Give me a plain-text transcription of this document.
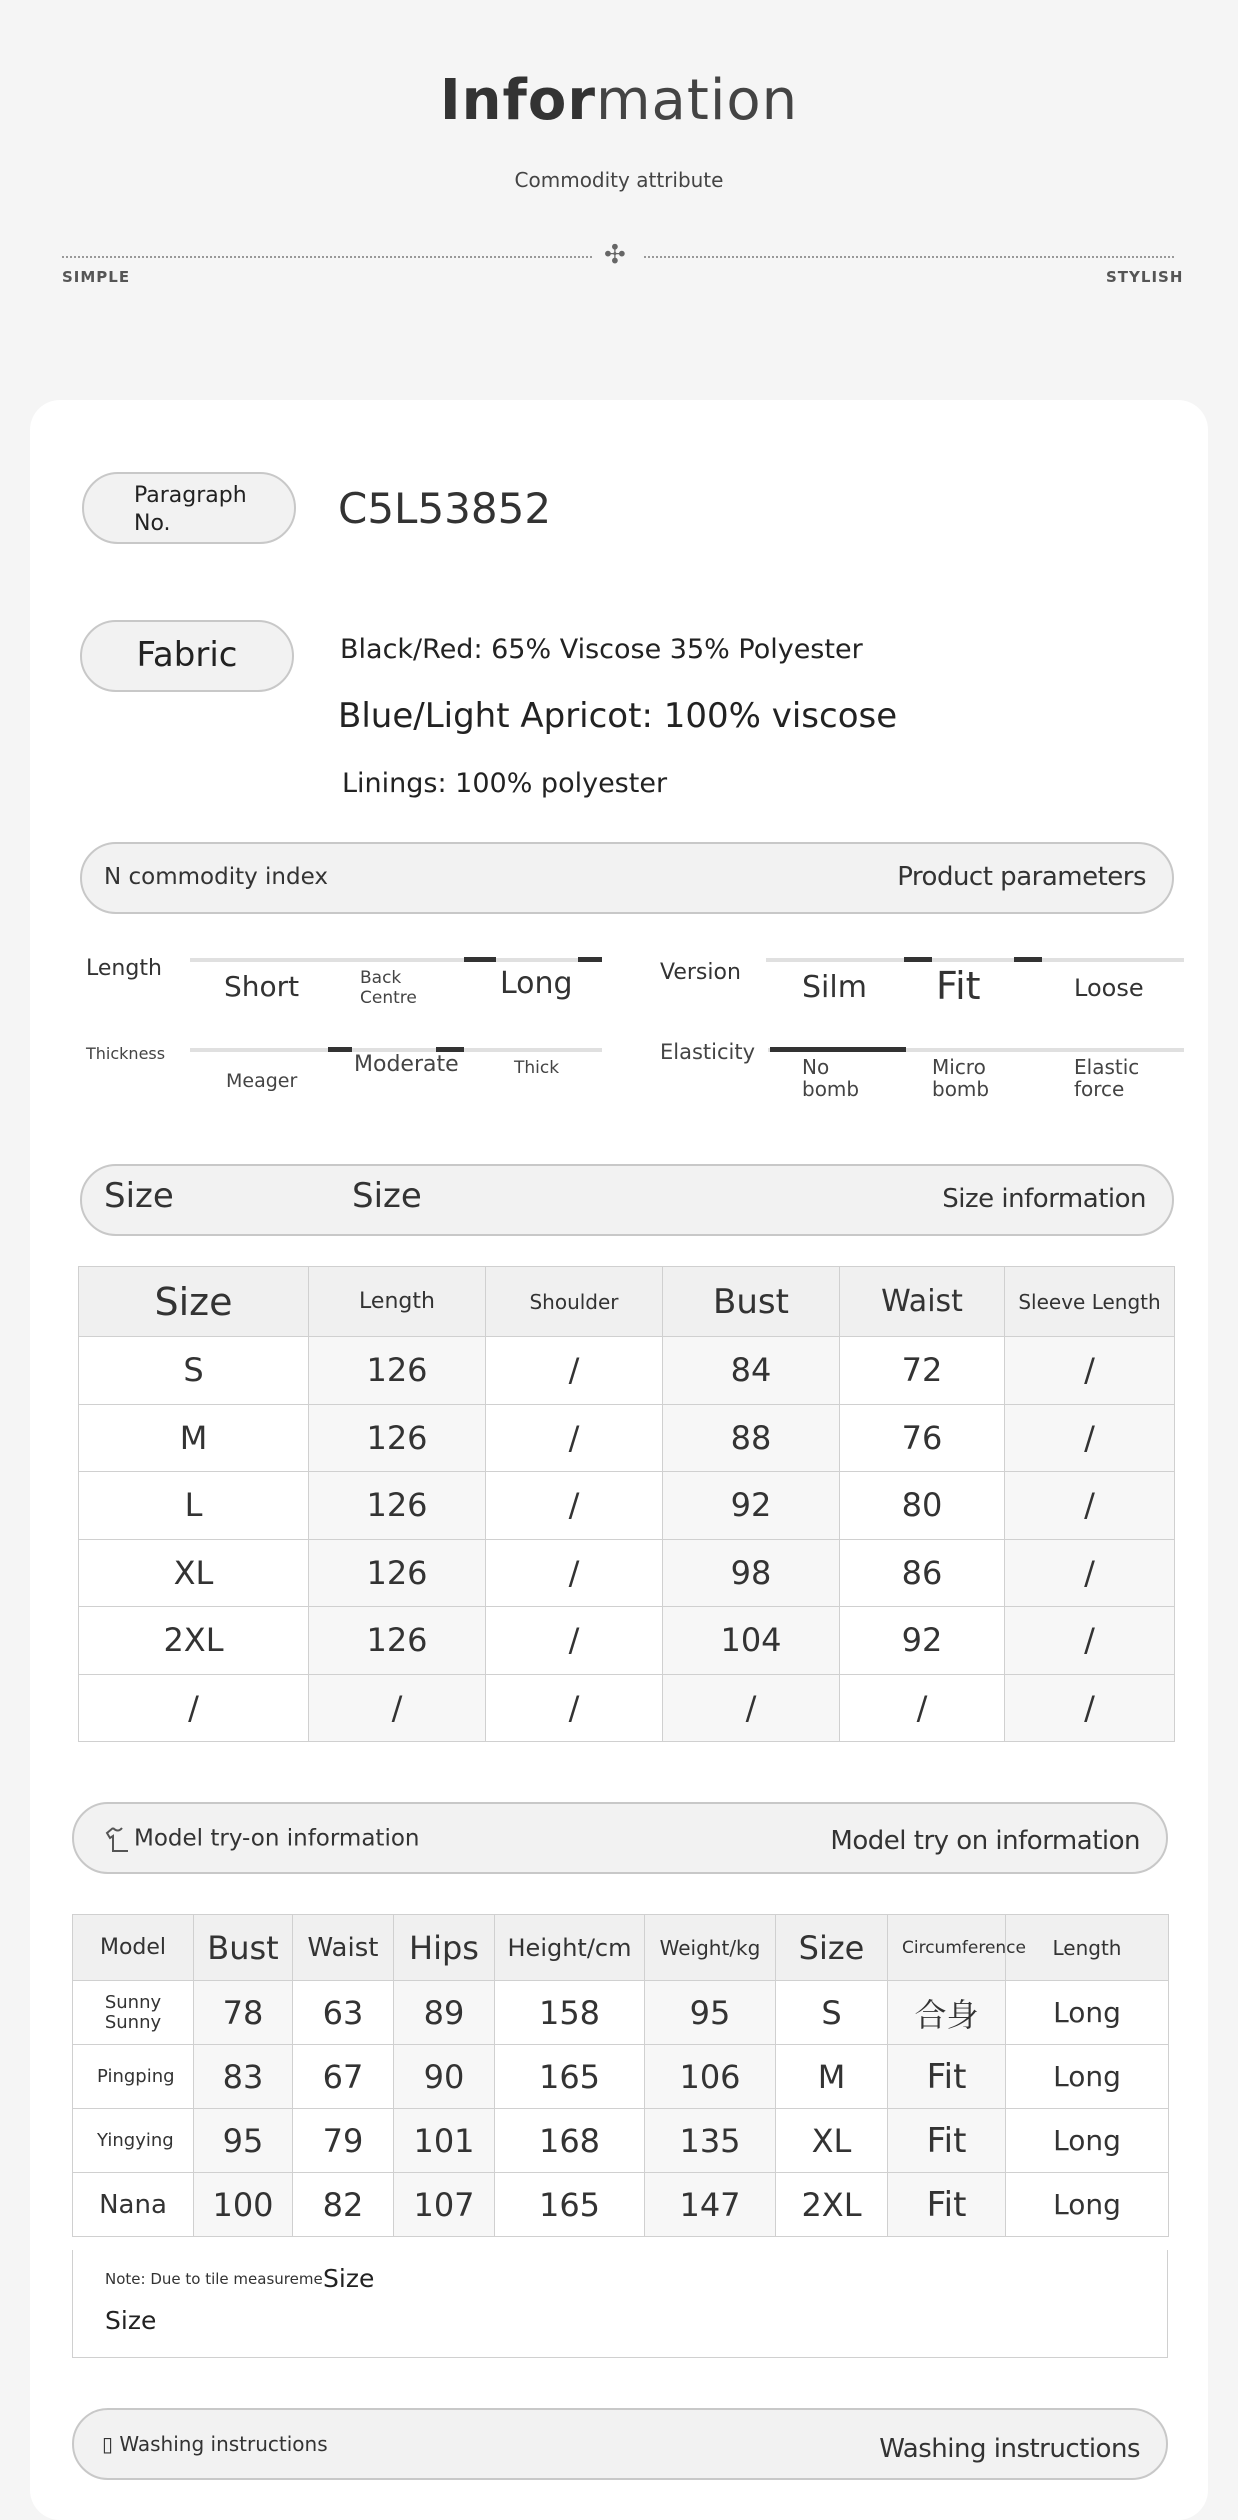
Information
Commodity attribute
✣
SIMPLE	STYLISH
Paragraph No.	C5L53852
Fabric	Black/Red: 65% Viscose 35% Polyester
Blue/Light Apricot: 100% viscose
Linings: 100% polyester
N commodity index	Product parameters
Length
Short	Back Centre	Long	Version Silm Fit	Loose
Thickness
Meager
Moderate	Thick
Elasticity
No bomb
Micro bomb
Elastic force
Size	Size	Size information
Size	Length	Shoulder	Bust	Waist	Sleeve Length
S	126	/	84	72	/
M	126	/	88	76	/
L	126	/	92	80	/
XL	126	/	98	86	/
2XL	126	/	104	92	/
/	/	/	/	/	/
Model try-on information	Model try on information
Model	Bust	Waist	Hips	Height/cm	Weight/kg	Size	Circumference	Length
Sunny Sunny	78	63	89	158	95	S	合身	Long
Pingping	83	67	90	165	106	M	Fit	Long
Yingying	95	79	101	168	135	XL	Fit	Long
Nana	100	82	107	165	147	2XL	Fit	Long
Note: Due to tile measureme Size
Size
▯ Washing instructions	Washing instructions
